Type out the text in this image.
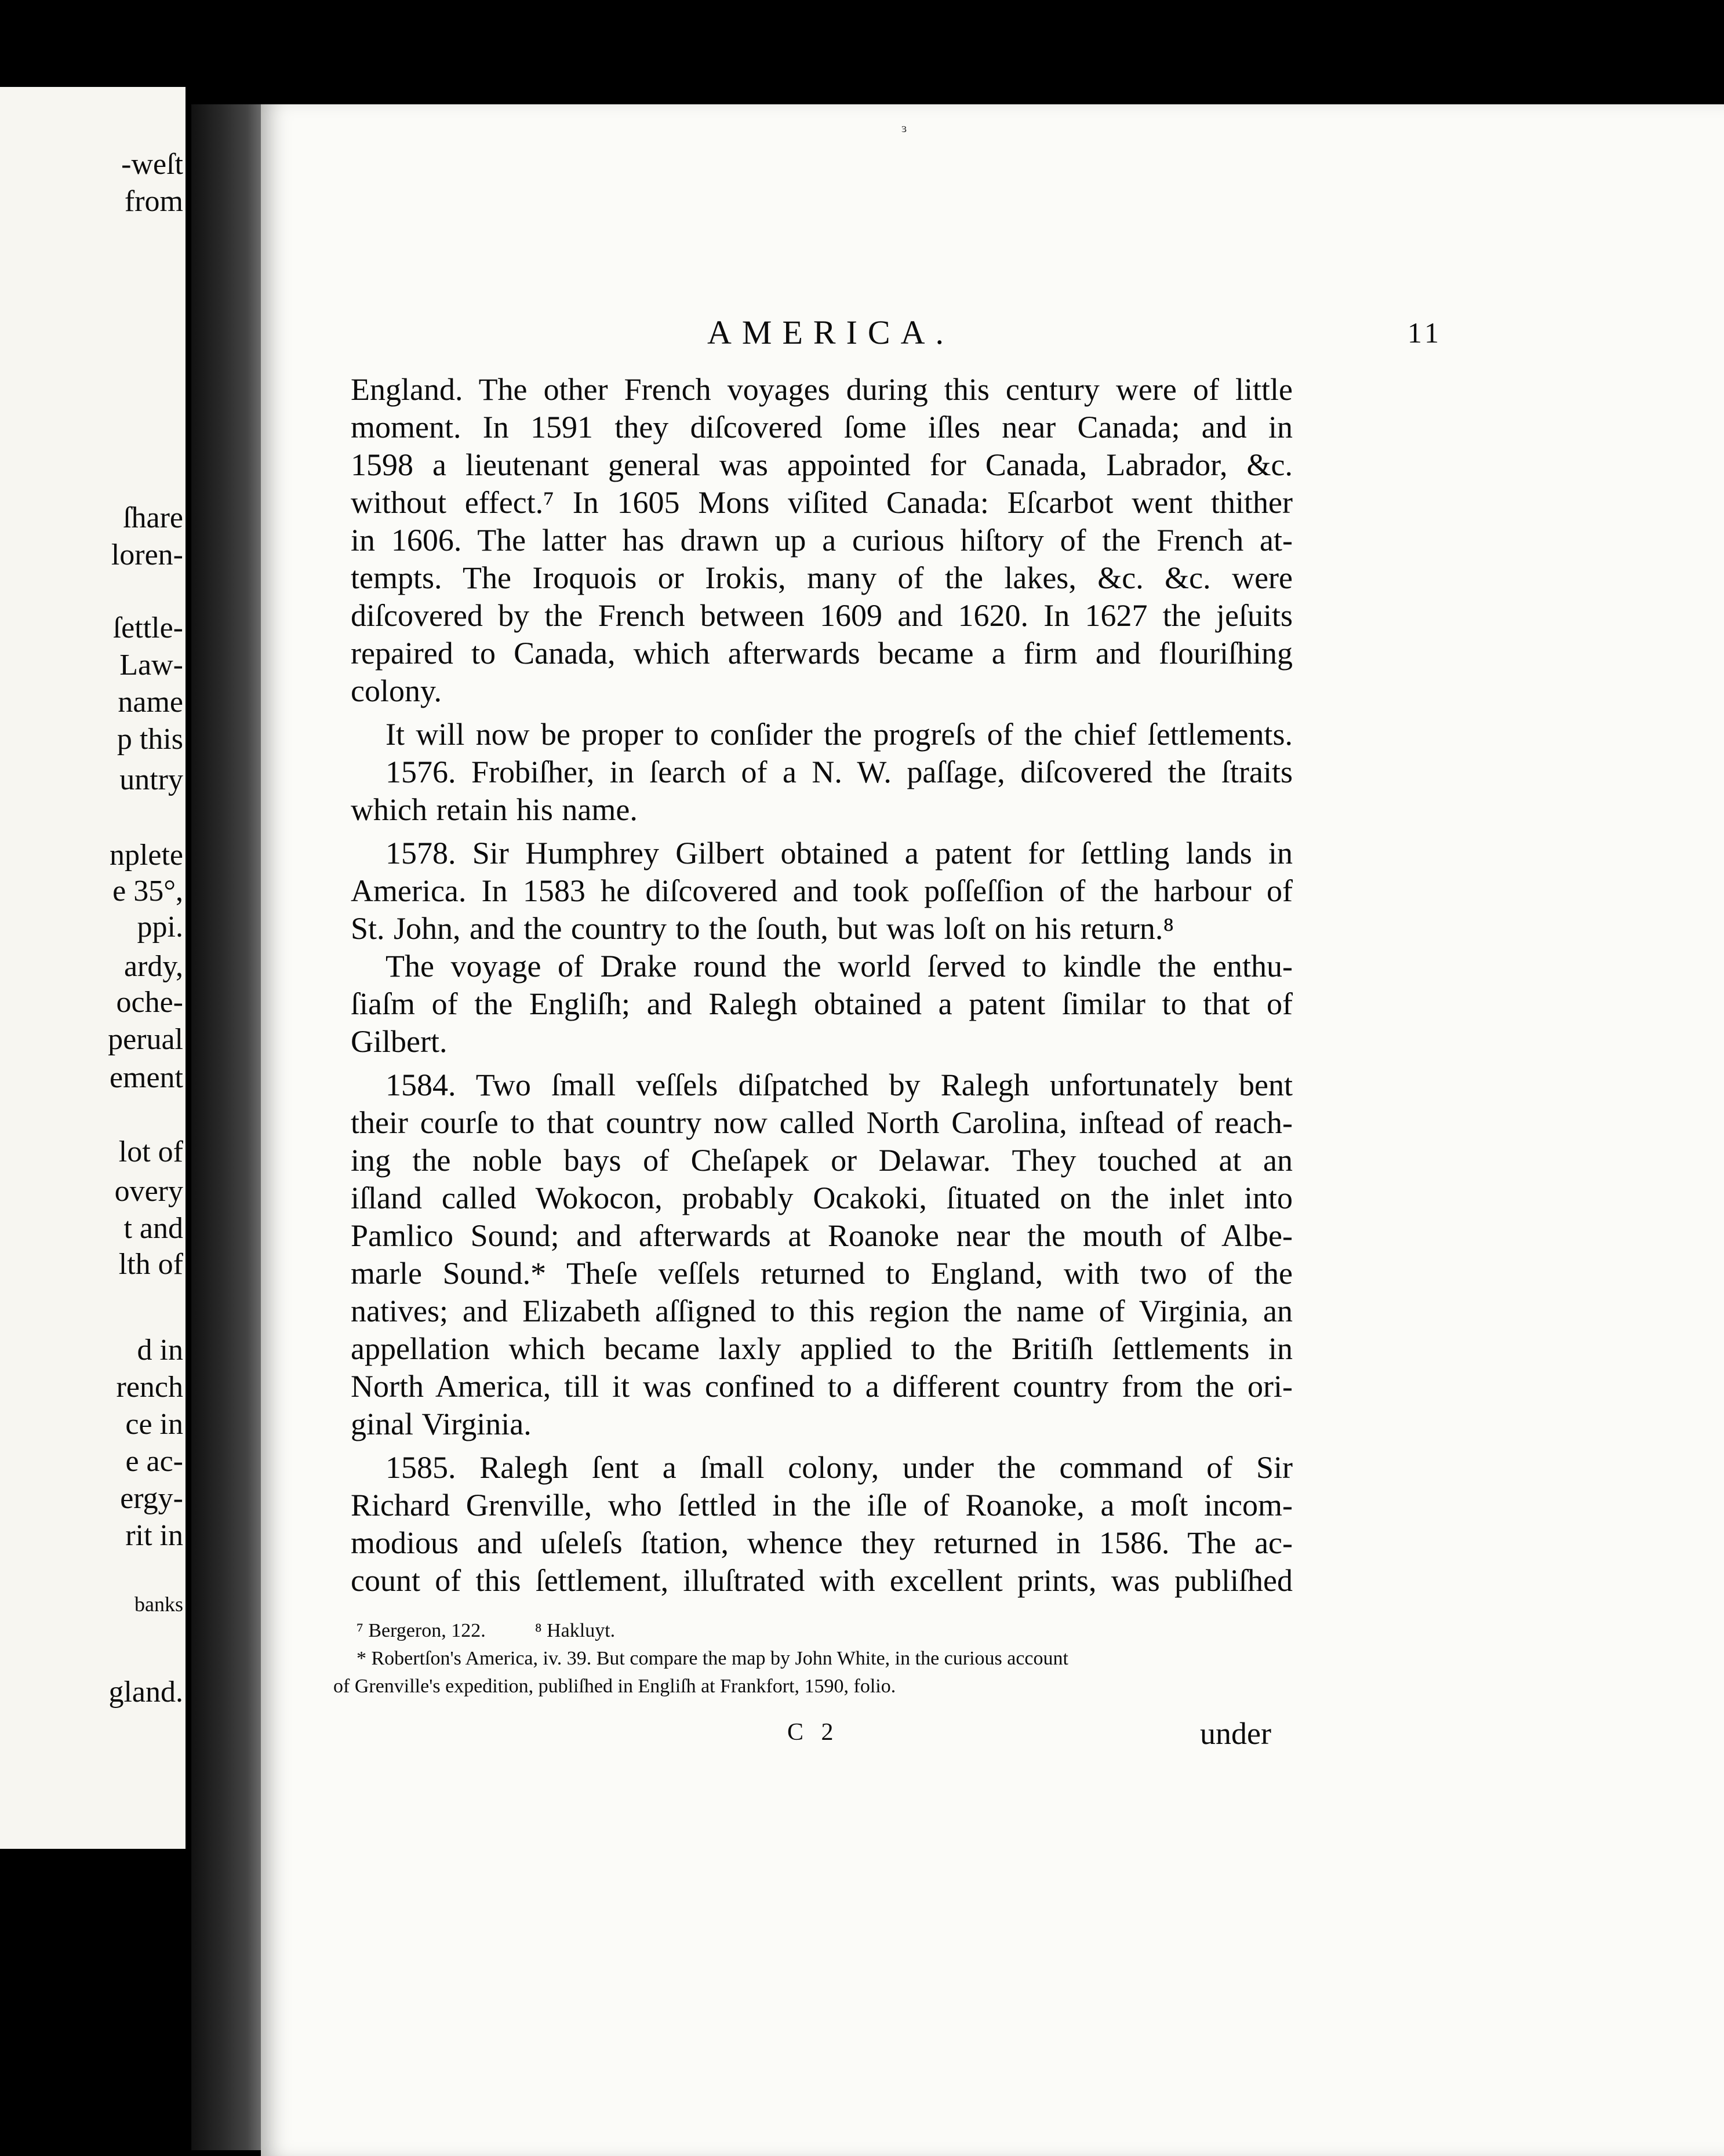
-weſt
from
ſhare
loren-
ſettle-
Law-
name
p this
untry
nplete
e 35°,
ppi.
ardy,
oche-
perual
ement
lot of
overy
t and
lth of
d in
rench
ce in
e ac-
ergy-
rit in
banks
gland.
ɜ
AMERICA.	11
England. The other French voyages during this century were of little
moment. In 1591 they diſcovered ſome iſles near Canada; and in
1598 a lieutenant general was appointed for Canada, Labrador, &c.
without effect.⁷ In 1605 Mons viſited Canada: Eſcarbot went thither
in 1606. The latter has drawn up a curious hiſtory of the French at-
tempts. The Iroquois or Irokis, many of the lakes, &c. &c. were
diſcovered by the French between 1609 and 1620. In 1627 the jeſuits
repaired to Canada, which afterwards became a firm and flouriſhing
colony.
It will now be proper to conſider the progreſs of the chief ſettlements.
1576. Frobiſher, in ſearch of a N. W. paſſage, diſcovered the ſtraits
which retain his name.
1578. Sir Humphrey Gilbert obtained a patent for ſettling lands in
America. In 1583 he diſcovered and took poſſeſſion of the harbour of
St. John, and the country to the ſouth, but was loſt on his return.⁸
The voyage of Drake round the world ſerved to kindle the enthu-
ſiaſm of the Engliſh; and Ralegh obtained a patent ſimilar to that of
Gilbert.
1584. Two ſmall veſſels diſpatched by Ralegh unfortunately bent
their courſe to that country now called North Carolina, inſtead of reach-
ing the noble bays of Cheſapek or Delawar. They touched at an
iſland called Wokocon, probably Ocakoki, ſituated on the inlet into
Pamlico Sound; and afterwards at Roanoke near the mouth of Albe-
marle Sound.* Theſe veſſels returned to England, with two of the
natives; and Elizabeth aſſigned to this region the name of Virginia, an
appellation which became laxly applied to the Britiſh ſettlements in
North America, till it was confined to a different country from the ori-
ginal Virginia.
1585. Ralegh ſent a ſmall colony, under the command of Sir
Richard Grenville, who ſettled in the iſle of Roanoke, a moſt incom-
modious and uſeleſs ſtation, whence they returned in 1586. The ac-
count of this ſettlement, illuſtrated with excellent prints, was publiſhed
⁷ Bergeron, 122.          ⁸ Hakluyt.
* Robertſon's America, iv. 39. But compare the map by John White, in the curious account
of Grenville's expedition, publiſhed in Engliſh at Frankfort, 1590, folio.
C 2	under
